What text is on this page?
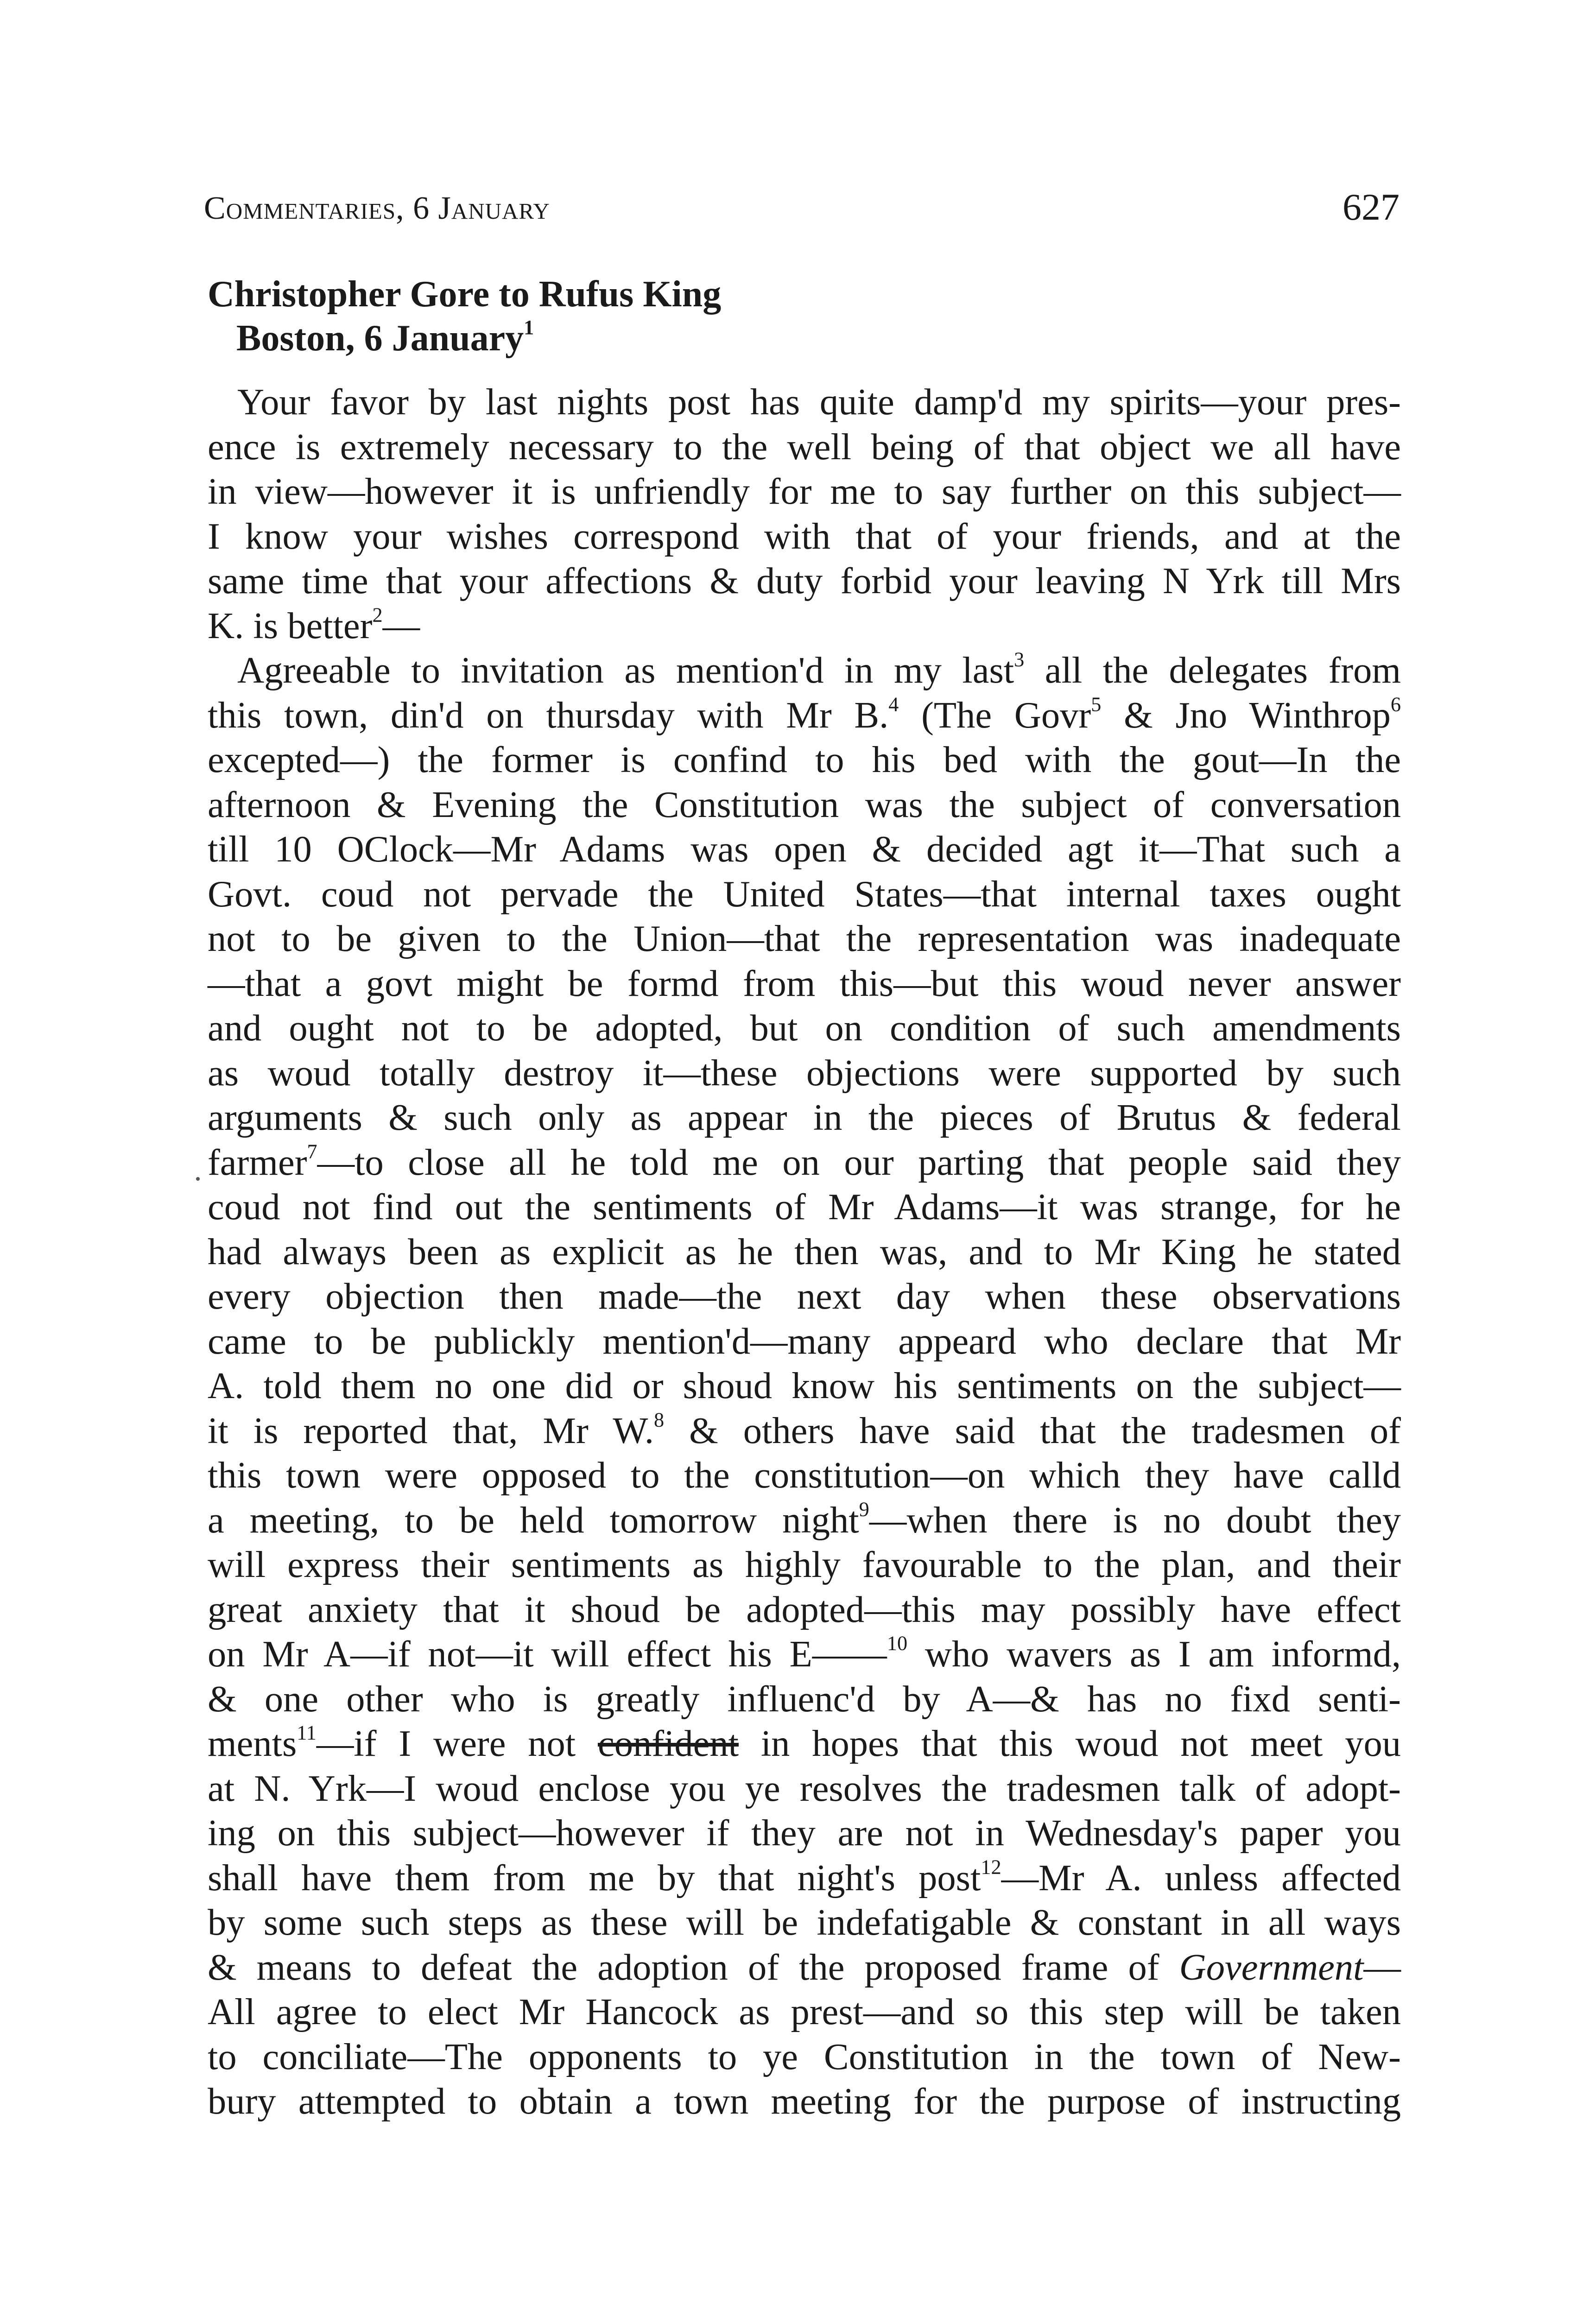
Commentaries, 6 January	627
Christopher Gore to Rufus King
Boston, 6 January$^1$
Your favor by last nights post has quite damp'd my spirits—your pres-
ence is extremely necessary to the well being of that object we all have
in view—however it is unfriendly for me to say further on this subject—
I know your wishes correspond with that of your friends, and at the
same time that your affections & duty forbid your leaving N Yrk till Mrs
K. is better$^2$—
Agreeable to invitation as mention'd in my last$^3$ all the delegates from
this town, din'd on thursday with Mr B.$^4$ (The Govr$^5$ & Jno Winthrop$^6$
excepted—) the former is confind to his bed with the gout—In the
afternoon & Evening the Constitution was the subject of conversation
till 10 OClock—Mr Adams was open & decided agt it—That such a
Govt. coud not pervade the United States—that internal taxes ought
not to be given to the Union—that the representation was inadequate
—that a govt might be formd from this—but this woud never answer
and ought not to be adopted, but on condition of such amendments
as woud totally destroy it—these objections were supported by such
arguments & such only as appear in the pieces of Brutus & federal
farmer$^7$—to close all he told me on our parting that people said they
coud not find out the sentiments of Mr Adams—it was strange, for he
had always been as explicit as he then was, and to Mr King he stated
every objection then made—the next day when these observations
came to be publickly mention'd—many appeard who declare that Mr
A. told them no one did or shoud know his sentiments on the subject—
it is reported that, Mr W.$^8$ & others have said that the tradesmen of
this town were opposed to the constitution—on which they have calld
a meeting, to be held tomorrow night$^9$—when there is no doubt they
will express their sentiments as highly favourable to the plan, and their
great anxiety that it shoud be adopted—this may possibly have effect
on Mr A—if not—it will effect his E——$^{10}$ who wavers as I am informd,
& one other who is greatly influenc'd by A—& has no fixd senti-
ments$^{11}$—if I were not confident in hopes that this woud not meet you
at N. Yrk—I woud enclose you ye resolves the tradesmen talk of adopt-
ing on this subject—however if they are not in Wednesday's paper you
shall have them from me by that night's post$^{12}$—Mr A. unless affected
by some such steps as these will be indefatigable & constant in all ways
& means to defeat the adoption of the proposed frame of Government—
All agree to elect Mr Hancock as prest—and so this step will be taken
to conciliate—The opponents to ye Constitution in the town of New-
bury attempted to obtain a town meeting for the purpose of instructing
